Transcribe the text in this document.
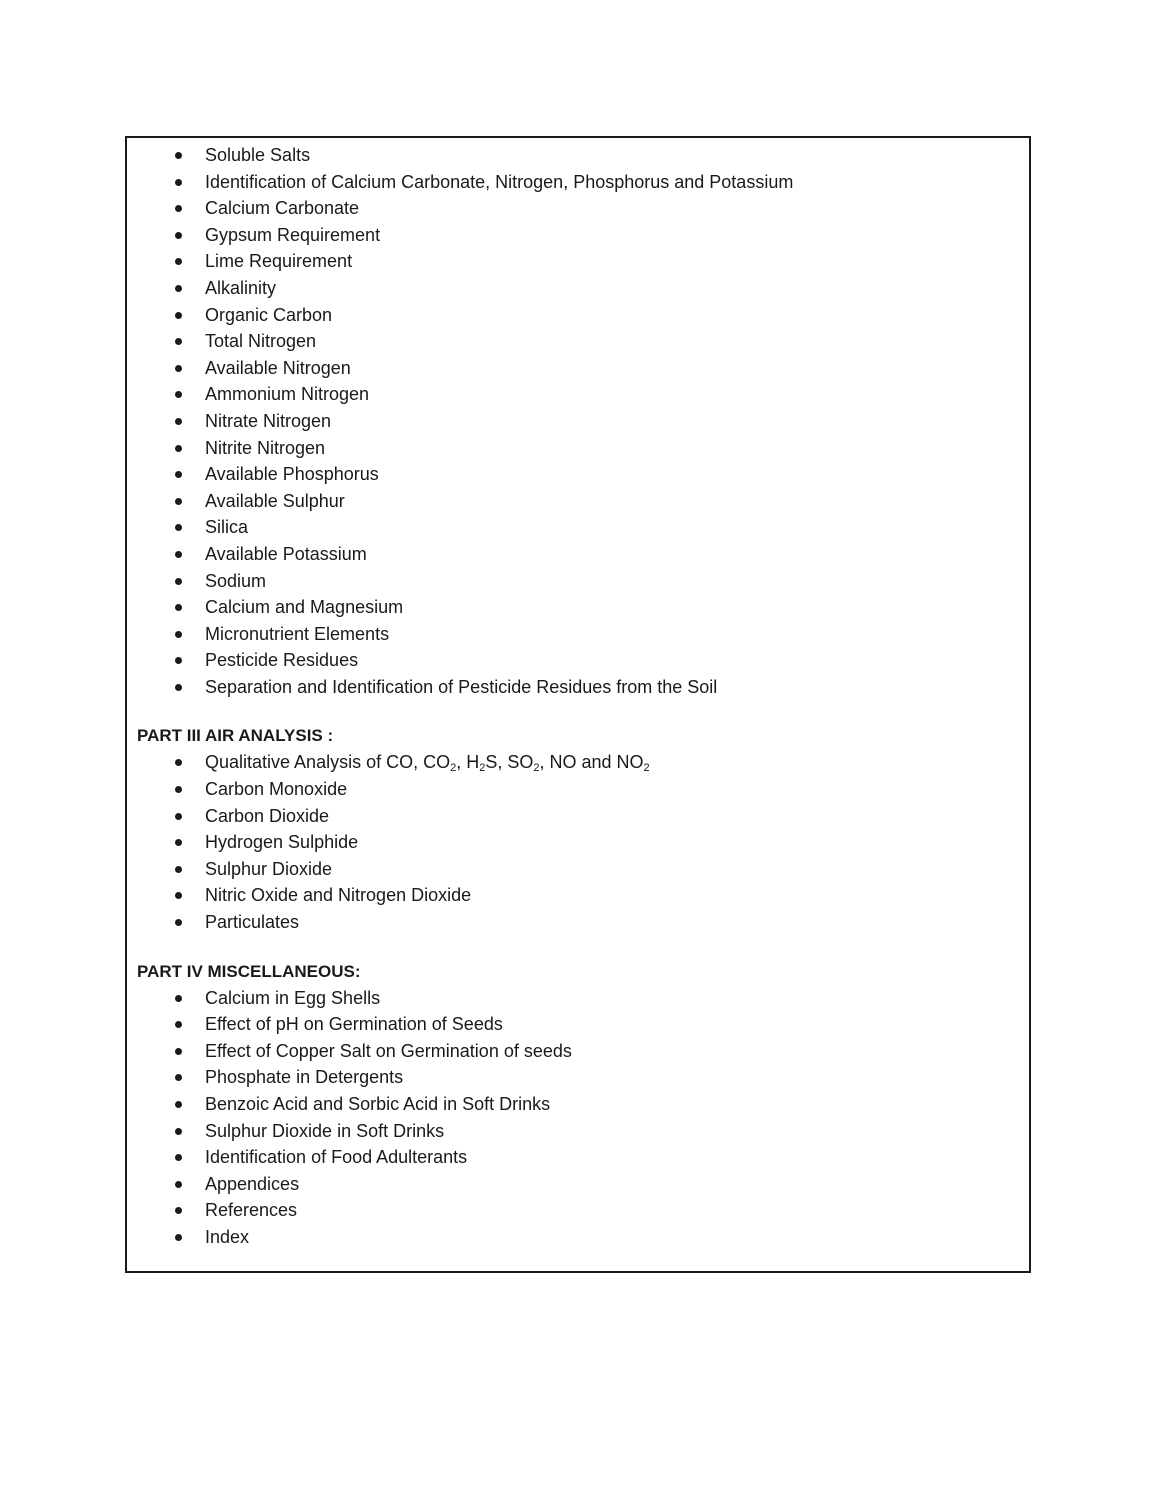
Soluble Salts
Identification of Calcium Carbonate, Nitrogen, Phosphorus and Potassium
Calcium Carbonate
Gypsum Requirement
Lime Requirement
Alkalinity
Organic Carbon
Total Nitrogen
Available Nitrogen
Ammonium Nitrogen
Nitrate Nitrogen
Nitrite Nitrogen
Available Phosphorus
Available Sulphur
Silica
Available Potassium
Sodium
Calcium and Magnesium
Micronutrient Elements
Pesticide Residues
Separation and Identification of Pesticide Residues from the Soil
PART III AIR ANALYSIS :
Qualitative Analysis of CO, $CO_2$, $H_2S$, $SO_2$, NO and $NO_2$
Carbon Monoxide
Carbon Dioxide
Hydrogen Sulphide
Sulphur Dioxide
Nitric Oxide and Nitrogen Dioxide
Particulates
PART IV MISCELLANEOUS:
Calcium in Egg Shells
Effect of pH on Germination of Seeds
Effect of Copper Salt on Germination of seeds
Phosphate in Detergents
Benzoic Acid and Sorbic Acid in Soft Drinks
Sulphur Dioxide in Soft Drinks
Identification of Food Adulterants
Appendices
References
Index
